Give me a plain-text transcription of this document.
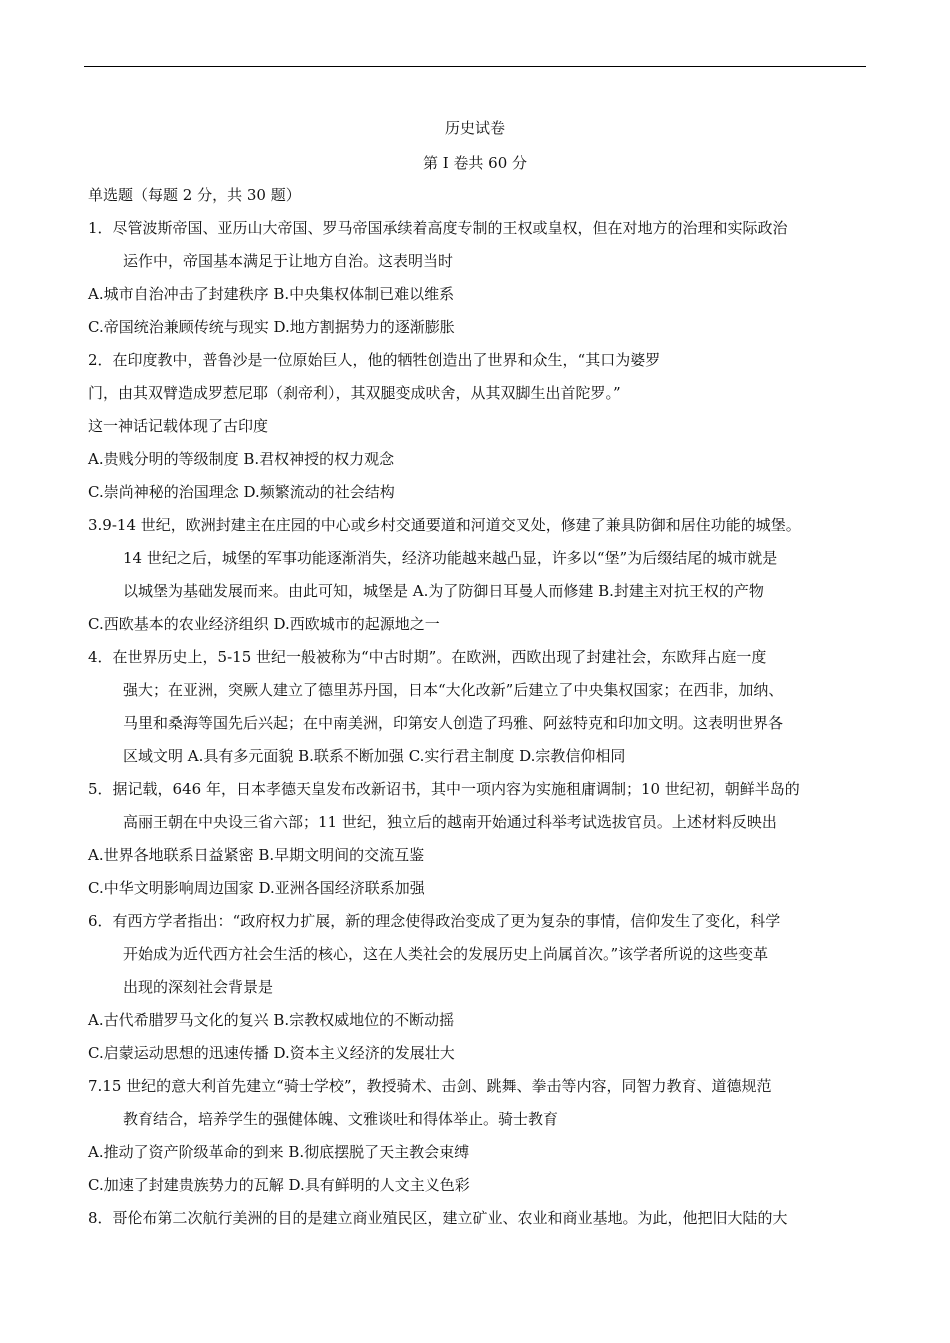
历史试卷
第 I 卷共 60 分
单选题（每题 2 分，共 30 题）
1．尽管波斯帝国、亚历山大帝国、罗马帝国承续着高度专制的王权或皇权，但在对地方的治理和实际政治
运作中，帝国基本满足于让地方自治。这表明当时
A.城市自治冲击了封建秩序 B.中央集权体制已难以维系
C.帝国统治兼顾传统与现实 D.地方割据势力的逐渐膨胀
2．在印度教中，普鲁沙是一位原始巨人，他的牺牲创造出了世界和众生，“其口为婆罗
门，由其双臂造成罗惹尼耶（刹帝利），其双腿变成吠舍，从其双脚生出首陀罗。”
这一神话记载体现了古印度
A.贵贱分明的等级制度 B.君权神授的权力观念
C.崇尚神秘的治国理念 D.频繁流动的社会结构
3.9-14 世纪，欧洲封建主在庄园的中心或乡村交通要道和河道交叉处，修建了兼具防御和居住功能的城堡。
14 世纪之后，城堡的军事功能逐渐消失，经济功能越来越凸显，许多以“堡”为后缀结尾的城市就是
以城堡为基础发展而来。由此可知，城堡是 A.为了防御日耳曼人而修建 B.封建主对抗王权的产物
C.西欧基本的农业经济组织 D.西欧城市的起源地之一
4．在世界历史上，5-15 世纪一般被称为“中古时期”。在欧洲，西欧出现了封建社会，东欧拜占庭一度
强大；在亚洲，突厥人建立了德里苏丹国，日本“大化改新”后建立了中央集权国家；在西非，加纳、
马里和桑海等国先后兴起；在中南美洲，印第安人创造了玛雅、阿兹特克和印加文明。这表明世界各
区域文明 A.具有多元面貌 B.联系不断加强 C.实行君主制度 D.宗教信仰相同
5．据记载，646 年，日本孝德天皇发布改新诏书，其中一项内容为实施租庸调制；10 世纪初，朝鲜半岛的
高丽王朝在中央设三省六部；11 世纪，独立后的越南开始通过科举考试选拔官员。上述材料反映出
A.世界各地联系日益紧密 B.早期文明间的交流互鉴
C.中华文明影响周边国家 D.亚洲各国经济联系加强
6．有西方学者指出：“政府权力扩展，新的理念使得政治变成了更为复杂的事情，信仰发生了变化，科学
开始成为近代西方社会生活的核心，这在人类社会的发展历史上尚属首次。”该学者所说的这些变革
出现的深刻社会背景是
A.古代希腊罗马文化的复兴 B.宗教权威地位的不断动摇
C.启蒙运动思想的迅速传播 D.资本主义经济的发展壮大
7.15 世纪的意大利首先建立“骑士学校”，教授骑术、击剑、跳舞、拳击等内容，同智力教育、道德规范
教育结合，培养学生的强健体魄、文雅谈吐和得体举止。骑士教育
A.推动了资产阶级革命的到来 B.彻底摆脱了天主教会束缚
C.加速了封建贵族势力的瓦解 D.具有鲜明的人文主义色彩
8．哥伦布第二次航行美洲的目的是建立商业殖民区，建立矿业、农业和商业基地。为此，他把旧大陆的大
